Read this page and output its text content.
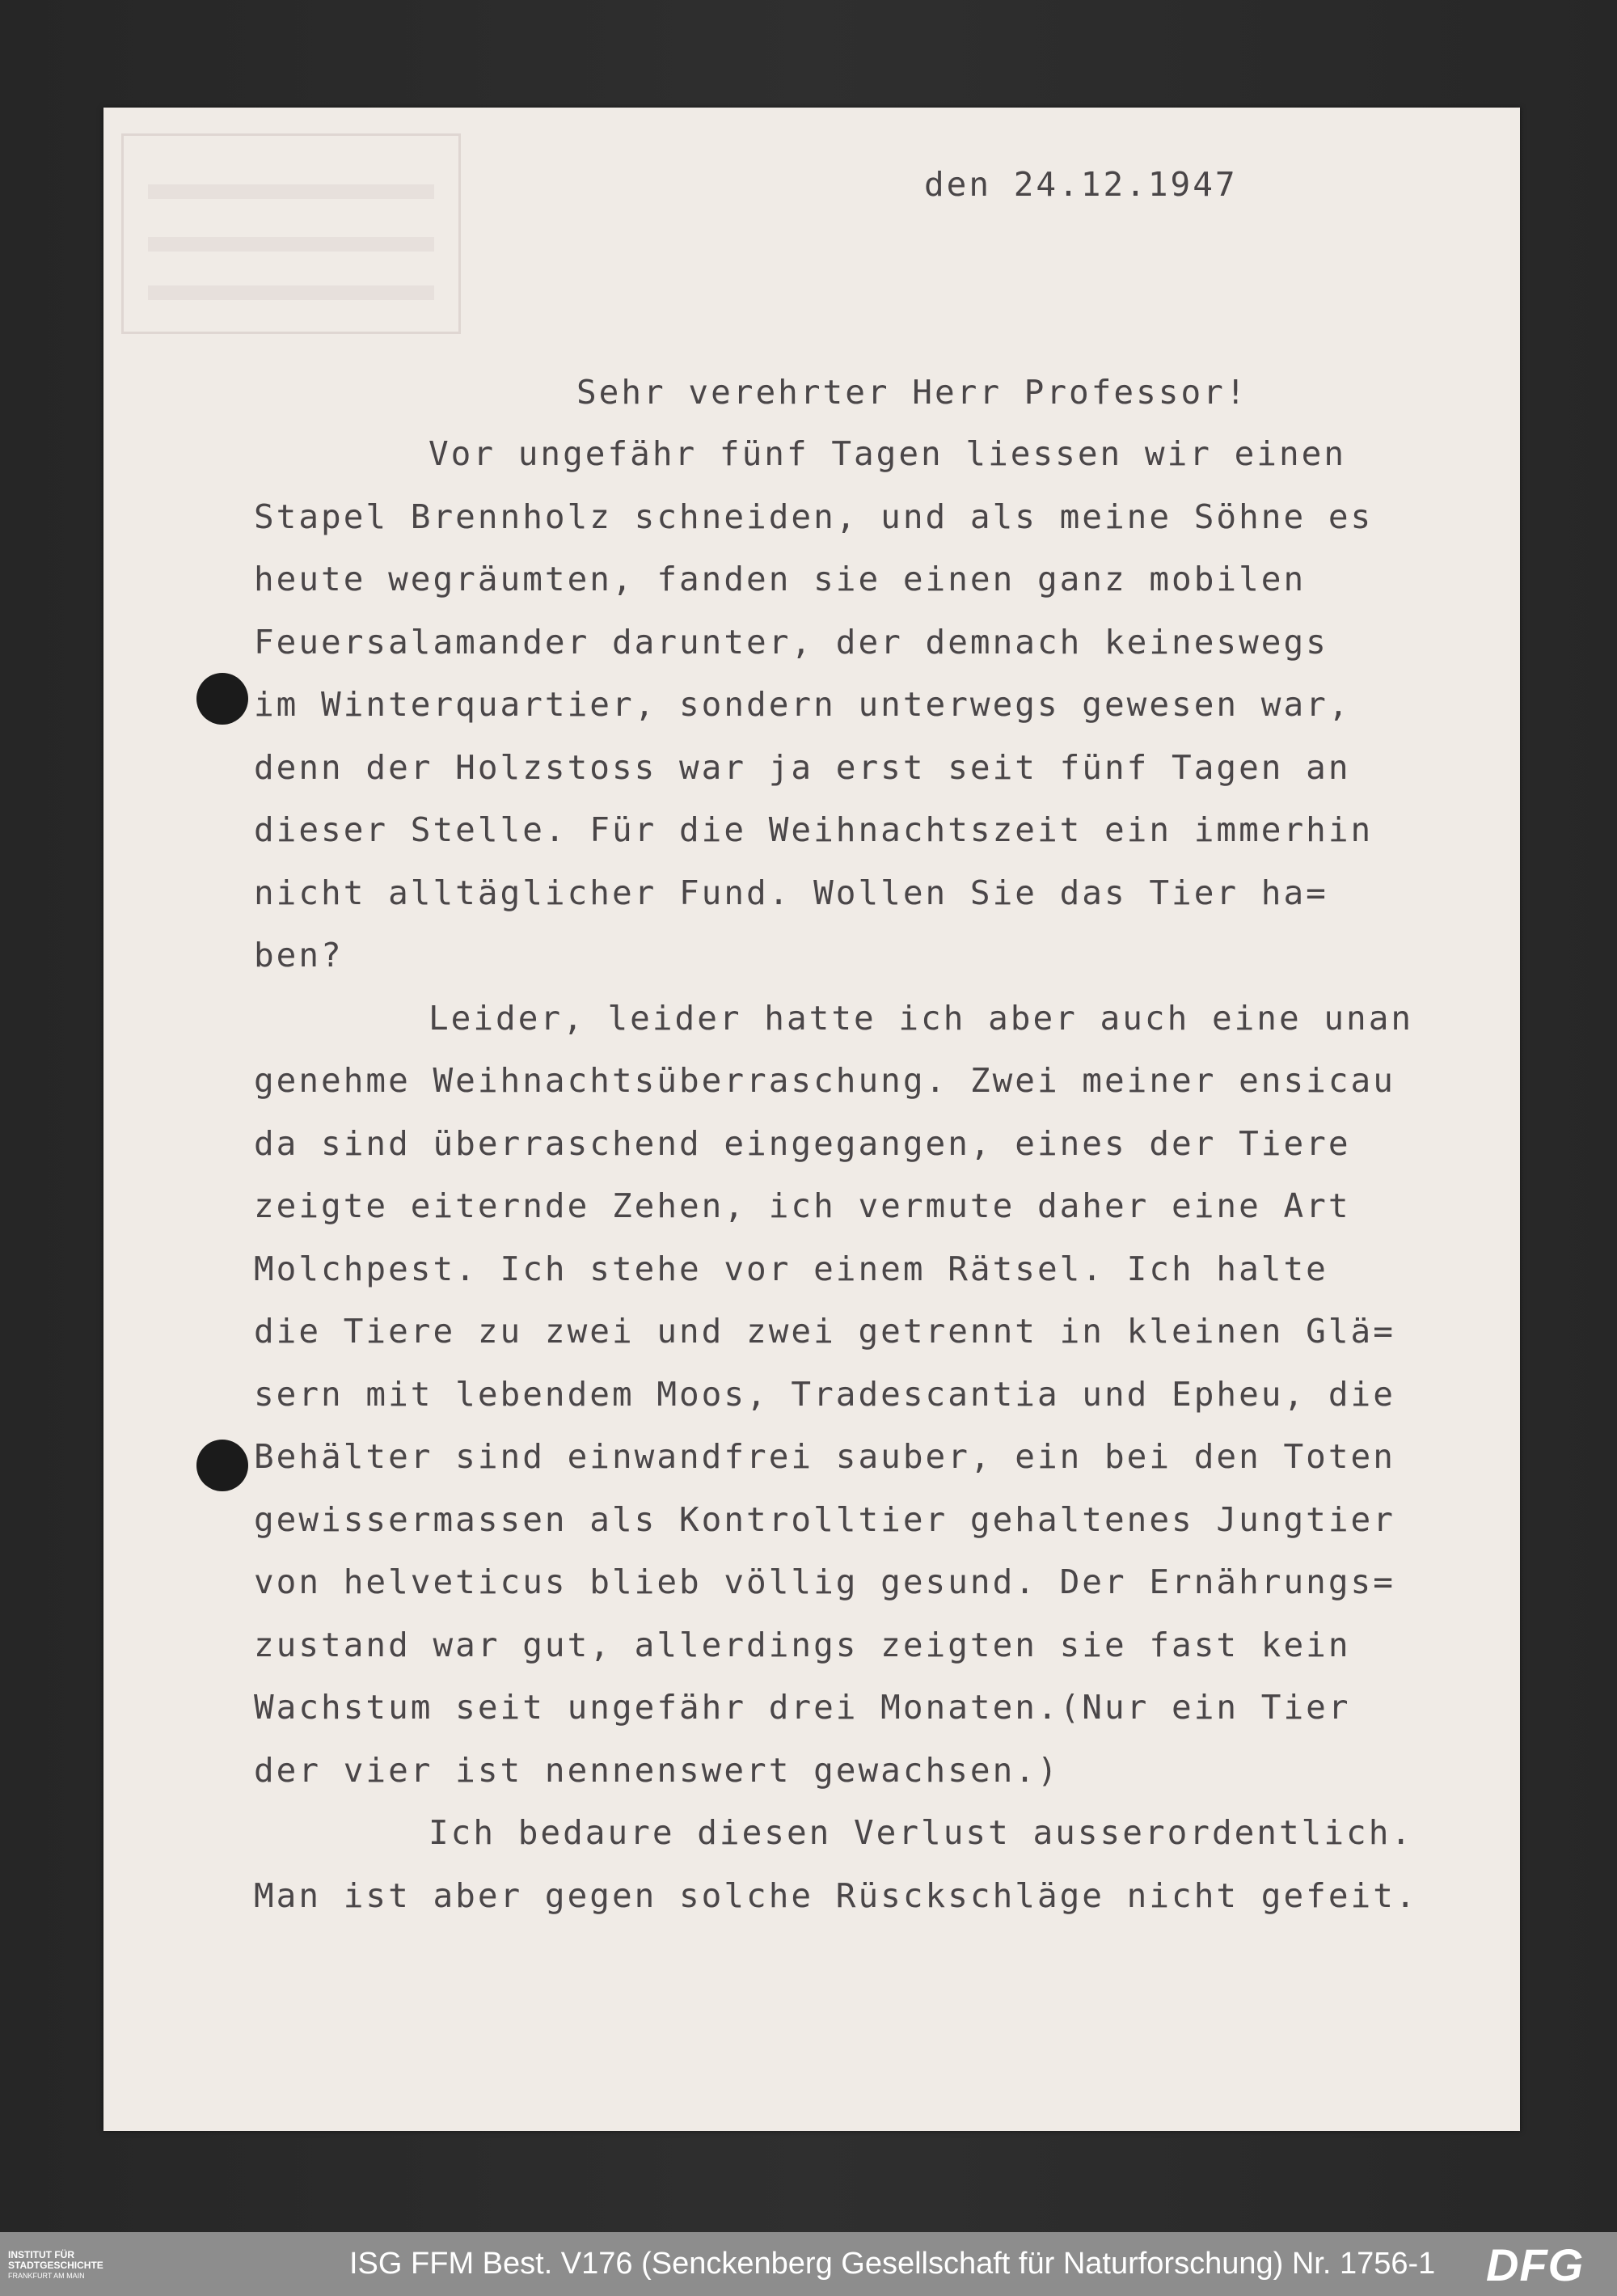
den 24.12.1947
Sehr verehrter Herr Professor!
Vor ungefähr fünf Tagen liessen wir einen
Stapel Brennholz schneiden, und als meine Söhne es
heute wegräumten, fanden sie einen ganz mobilen
Feuersalamander darunter, der demnach keineswegs
im Winterquartier, sondern unterwegs gewesen war,
denn der Holzstoss war ja erst seit fünf Tagen an
dieser Stelle. Für die Weihnachtszeit ein immerhin
nicht alltäglicher Fund. Wollen Sie das Tier ha=
ben?
Leider, leider hatte ich aber auch eine unan
genehme Weihnachtsüberraschung. Zwei meiner ensicau
da sind überraschend eingegangen, eines der Tiere
zeigte eiternde Zehen, ich vermute daher eine Art
Molchpest. Ich stehe vor einem Rätsel. Ich halte
die Tiere zu zwei und zwei getrennt in kleinen Glä=
sern mit lebendem Moos, Tradescantia und Epheu, die
Behälter sind einwandfrei sauber, ein bei den Toten
gewissermassen als Kontrolltier gehaltenes Jungtier
von helveticus blieb völlig gesund. Der Ernährungs=
zustand war gut, allerdings zeigten sie fast kein
Wachstum seit ungefähr drei Monaten.(Nur ein Tier
der vier ist nennenswert gewachsen.)
Ich bedaure diesen Verlust ausserordentlich.
Man ist aber gegen solche Rüsckschläge nicht gefeit.
INSTITUT FÜR
STADTGESCHICHTE
FRANKFURT AM MAIN	ISG FFM Best. V176 (Senckenberg Gesellschaft für Naturforschung) Nr. 1756-1 DFG
